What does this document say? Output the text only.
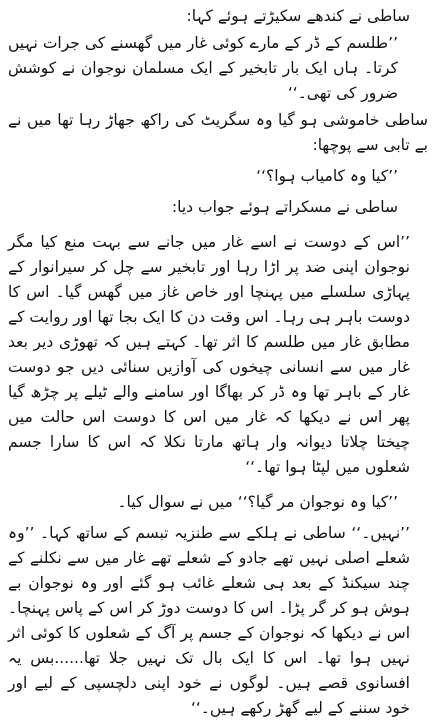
ساطی نے کندھے سکیڑتے ہوئے کہا:

’’طلسم کے ڈر کے مارے کوئی غار میں گھسنے کی جرات نہیں کرتا۔ ہاں ایک بار تابخیر کے ایک مسلمان نوجوان نے کوشش ضرور کی تھی۔‘‘

ساطی خاموشی ہو گیا وہ سگریٹ کی راکھ جھاڑ رہا تھا میں نے بے تابی سے پوچھا:

’’کیا وہ کامیاب ہوا؟‘‘

ساطی نے مسکراتے ہوئے جواب دیا:

’’اس کے دوست نے اسے غار میں جانے سے بہت منع کیا مگر نوجوان اپنی ضد پر اڑا رہا اور تابخیر سے چل کر سیرانوار کے پہاڑی سلسلے میں پہنچا اور خاص غاز میں گھس گیا۔ اس کا دوست باہر ہی رہا۔ اس وقت دن کا ایک بجا تھا اور روایت کے مطابق غار میں طلسم کا اثر تھا۔ کہتے ہیں کہ تھوڑی دیر بعد غار میں سے انسانی چیخوں کی آوازیں سنائی دیں جو دوست غار کے باہر تھا وہ ڈر کر بھاگا اور سامنے والے ٹیلے پر چڑھ گیا پھر اس نے دیکھا کہ غار میں اس کا دوست اس حالت میں چیختا چلاتا دیوانہ وار ہاتھ مارتا نکلا کہ اس کا سارا جسم شعلوں میں لپٹا ہوا تھا۔‘‘

’’کیا وہ نوجوان مر گیا؟‘‘ میں نے سوال کیا۔

’’نہیں۔‘‘ ساطی نے ہلکے سے طنزیہ تبسم کے ساتھ کہا۔ ’’وہ شعلے اصلی نہیں تھے جادو کے شعلے تھے غار میں سے نکلنے کے چند سیکنڈ کے بعد ہی شعلے غائب ہو گئے اور وہ نوجوان بے ہوش ہو کر گر پڑا۔ اس کا دوست دوڑ کر اس کے پاس پہنچا۔ اس نے دیکھا کہ نوجوان کے جسم پر آگ کے شعلوں کا کوئی اثر نہیں ہوا تھا۔ اس کا ایک بال تک نہیں جلا تھا......بس یہ افسانوی قصے ہیں۔ لوگوں نے خود اپنی دلچسپی کے لیے اور خود سننے کے لیے گھڑ رکھے ہیں۔‘‘
